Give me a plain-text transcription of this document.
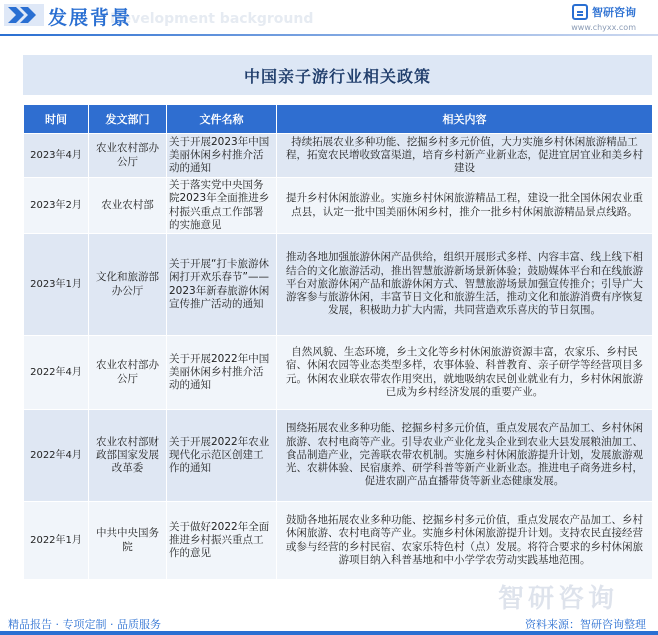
Development background
发展背景	智研咨询
www.chyxx.com
中国亲子游行业相关政策
时间	发文部门	文件名称	相关内容
2023年4月	农业农村部办公厅	关于开展2023年中国美丽休闲乡村推介活动的通知	持续拓展农业多种功能、挖掘乡村多元价值，大力实施乡村休闲旅游精品工程，拓宽农民增收致富渠道，培育乡村新产业新业态，促进宜居宜业和美乡村建设
2023年2月	农业农村部	关于落实党中央国务院2023年全面推进乡村振兴重点工作部署的实施意见	提升乡村休闲旅游业。实施乡村休闲旅游精品工程，建设一批全国休闲农业重点县，认定一批中国美丽休闲乡村，推介一批乡村休闲旅游精品景点线路。
2023年1月	文化和旅游部办公厅	关于开展“打卡旅游休闲打开欢乐春节”——2023年新春旅游休闲宣传推广活动的通知	推动各地加强旅游休闲产品供给，组织开展形式多样、内容丰富、线上线下相结合的文化旅游活动，推出智慧旅游新场景新体验；鼓励媒体平台和在线旅游平台对旅游休闲产品和旅游休闲方式、智慧旅游场景加强宣传推介；引导广大游客参与旅游休闲，丰富节日文化和旅游生活，推动文化和旅游消费有序恢复发展，积极助力扩大内需，共同营造欢乐喜庆的节日氛围。
2022年4月	农业农村部办公厅	关于开展2022年中国美丽休闲乡村推介活动的通知	自然风貌、生态环境，乡土文化等乡村休闲旅游资源丰富，农家乐、乡村民宿、休闲农园等业态类型多样，农事体验、科普教育、亲子研学等经营项目多元。休闲农业联农带农作用突出，就地吸纳农民创业就业有力，乡村休闲旅游已成为乡村经济发展的重要产业。
2022年4月	农业农村部财政部国家发展改革委	关于开展2022年农业现代化示范区创建工作的通知	围绕拓展农业多种功能、挖掘乡村多元价值，重点发展农产品加工、乡村休闲旅游、农村电商等产业。引导农业产业化龙头企业到农业大县发展粮油加工、食品制造产业，完善联农带农机制。实施乡村休闲旅游提升计划，发展旅游观光、农耕体验、民宿康养、研学科普等新产业新业态。推进电子商务进乡村，促进农副产品直播带货等新业态健康发展。
2022年1月	中共中央国务院	关于做好2022年全面推进乡村振兴重点工作的意见	鼓励各地拓展农业多种功能、挖掘乡村多元价值，重点发展农产品加工、乡村休闲旅游、农村电商等产业。实施乡村休闲旅游提升计划。支持农民直接经营或参与经营的乡村民宿、农家乐特色村（点）发展。将符合要求的乡村休闲旅游项目纳入科普基地和中小学学农劳动实践基地范围。
智研咨询
精品报告 · 专项定制 · 品质服务	资料来源：智研咨询整理
